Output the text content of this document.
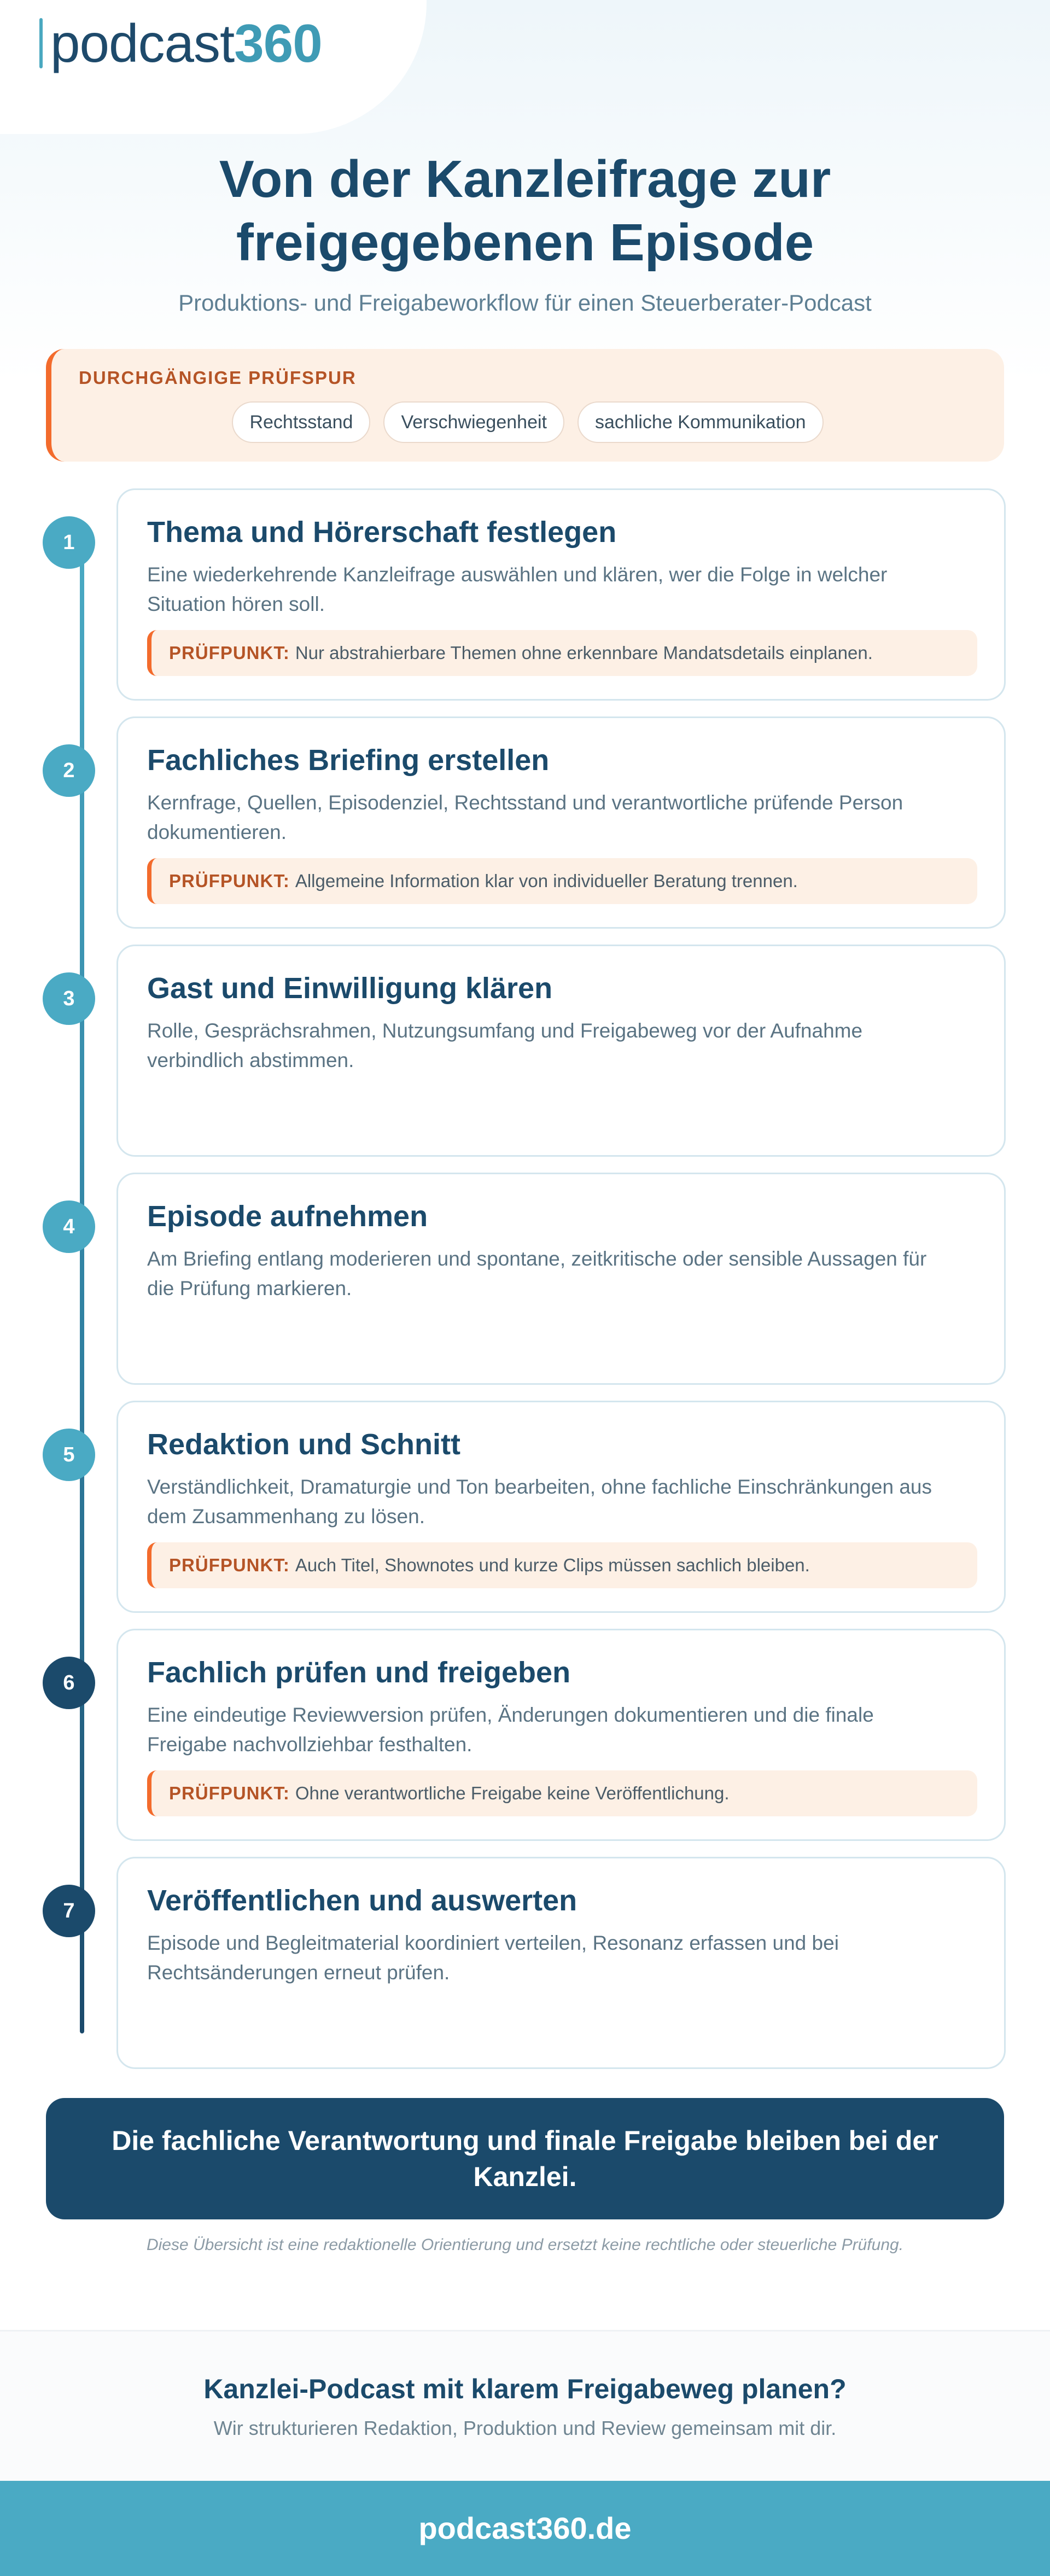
podcast360
Von der Kanzleifrage zur
freigegebenen Episode
Produktions- und Freigabeworkflow für einen Steuerberater-Podcast
DURCHGÄNGIGE PRÜFSPUR
Rechtsstand	Verschwiegenheit	sachliche Kommunikation
1	Thema und Hörerschaft festlegen
Eine wiederkehrende Kanzleifrage auswählen und klären, wer die Folge in welcher Situation hören soll.
PRÜFPUNKT: Nur abstrahierbare Themen ohne erkennbare Mandatsdetails einplanen.
2	Fachliches Briefing erstellen
Kernfrage, Quellen, Episodenziel, Rechtsstand und verantwortliche prüfende Person dokumentieren.
PRÜFPUNKT: Allgemeine Information klar von individueller Beratung trennen.
3	Gast und Einwilligung klären
Rolle, Gesprächsrahmen, Nutzungsumfang und Freigabeweg vor der Aufnahme verbindlich abstimmen.
4	Episode aufnehmen
Am Briefing entlang moderieren und spontane, zeitkritische oder sensible Aussagen für die Prüfung markieren.
5	Redaktion und Schnitt
Verständlichkeit, Dramaturgie und Ton bearbeiten, ohne fachliche Einschränkungen aus dem Zusammenhang zu lösen.
PRÜFPUNKT: Auch Titel, Shownotes und kurze Clips müssen sachlich bleiben.
6	Fachlich prüfen und freigeben
Eine eindeutige Reviewversion prüfen, Änderungen dokumentieren und die finale Freigabe nachvollziehbar festhalten.
PRÜFPUNKT: Ohne verantwortliche Freigabe keine Veröffentlichung.
7	Veröffentlichen und auswerten
Episode und Begleitmaterial koordiniert verteilen, Resonanz erfassen und bei Rechtsänderungen erneut prüfen.
Die fachliche Verantwortung und finale Freigabe bleiben bei der Kanzlei.
Diese Übersicht ist eine redaktionelle Orientierung und ersetzt keine rechtliche oder steuerliche Prüfung.
Kanzlei-Podcast mit klarem Freigabeweg planen?
Wir strukturieren Redaktion, Produktion und Review gemeinsam mit dir.
podcast360.de
